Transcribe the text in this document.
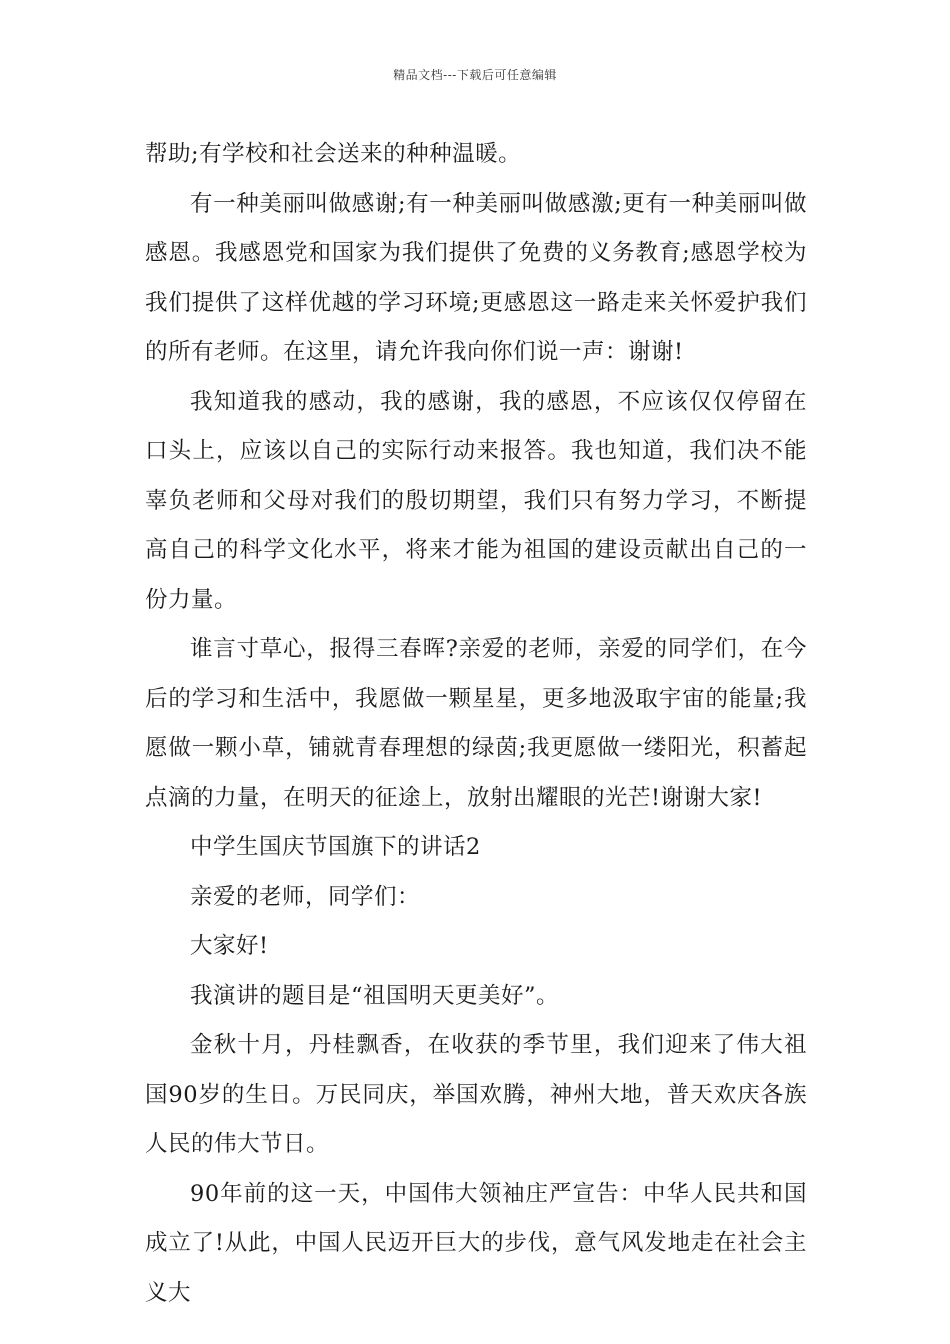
精品文档---下载后可任意编辑

帮助;有学校和社会送来的种种温暖。

有一种美丽叫做感谢;有一种美丽叫做感激;更有一种美丽叫做感恩。我感恩党和国家为我们提供了免费的义务教育;感恩学校为我们提供了这样优越的学习环境;更感恩这一路走来关怀爱护我们的所有老师。在这里，请允许我向你们说一声：谢谢!

我知道我的感动，我的感谢，我的感恩，不应该仅仅停留在口头上，应该以自己的实际行动来报答。我也知道，我们决不能辜负老师和父母对我们的殷切期望，我们只有努力学习，不断提高自己的科学文化水平，将来才能为祖国的建设贡献出自己的一份力量。

谁言寸草心，报得三春晖?亲爱的老师，亲爱的同学们，在今后的学习和生活中，我愿做一颗星星，更多地汲取宇宙的能量;我愿做一颗小草，铺就青春理想的绿茵;我更愿做一缕阳光，积蓄起点滴的力量，在明天的征途上，放射出耀眼的光芒!谢谢大家!

中学生国庆节国旗下的讲话2

亲爱的老师，同学们：

大家好!

我演讲的题目是“祖国明天更美好”。

金秋十月，丹桂飘香，在收获的季节里，我们迎来了伟大祖国90岁的生日。万民同庆，举国欢腾，神州大地，普天欢庆各族人民的伟大节日。

90年前的这一天，中国伟大领袖庄严宣告：中华人民共和国成立了!从此，中国人民迈开巨大的步伐，意气风发地走在社会主义大
